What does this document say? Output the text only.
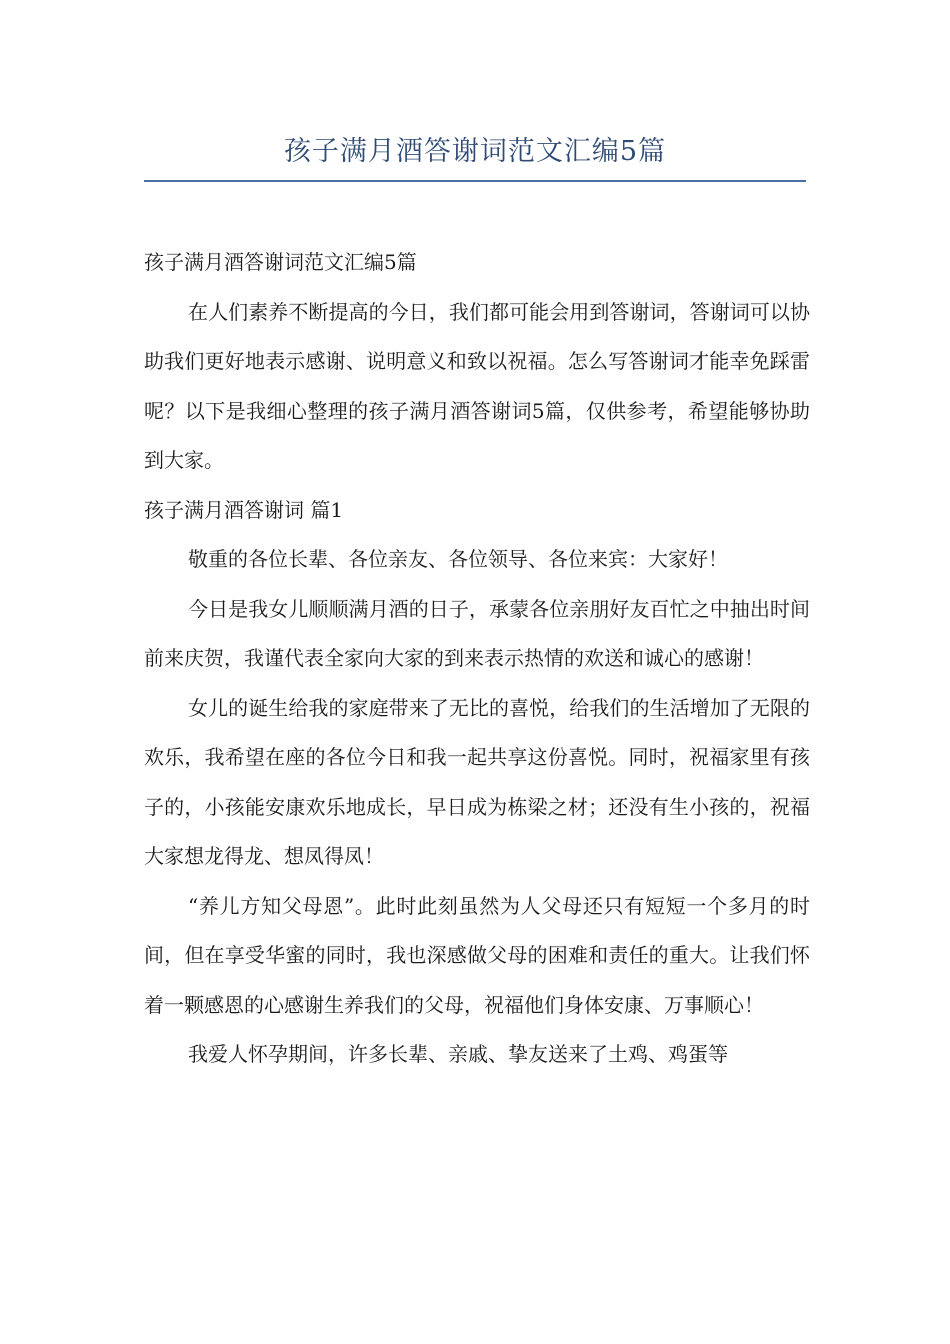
孩子满月酒答谢词范文汇编5篇

孩子满月酒答谢词范文汇编5篇

在人们素养不断提高的今日，我们都可能会用到答谢词，答谢词可以协助我们更好地表示感谢、说明意义和致以祝福。怎么写答谢词才能幸免踩雷呢？以下是我细心整理的孩子满月酒答谢词5篇，仅供参考，希望能够协助到大家。

孩子满月酒答谢词 篇1

敬重的各位长辈、各位亲友、各位领导、各位来宾：大家好！

今日是我女儿顺顺满月酒的日子，承蒙各位亲朋好友百忙之中抽出时间前来庆贺，我谨代表全家向大家的到来表示热情的欢送和诚心的感谢！

女儿的诞生给我的家庭带来了无比的喜悦，给我们的生活增加了无限的欢乐，我希望在座的各位今日和我一起共享这份喜悦。同时，祝福家里有孩子的，小孩能安康欢乐地成长，早日成为栋梁之材；还没有生小孩的，祝福大家想龙得龙、想凤得凤！

“养儿方知父母恩”。此时此刻虽然为人父母还只有短短一个多月的时间，但在享受华蜜的同时，我也深感做父母的困难和责任的重大。让我们怀着一颗感恩的心感谢生养我们的父母，祝福他们身体安康、万事顺心！

我爱人怀孕期间，许多长辈、亲戚、挚友送来了土鸡、鸡蛋等
